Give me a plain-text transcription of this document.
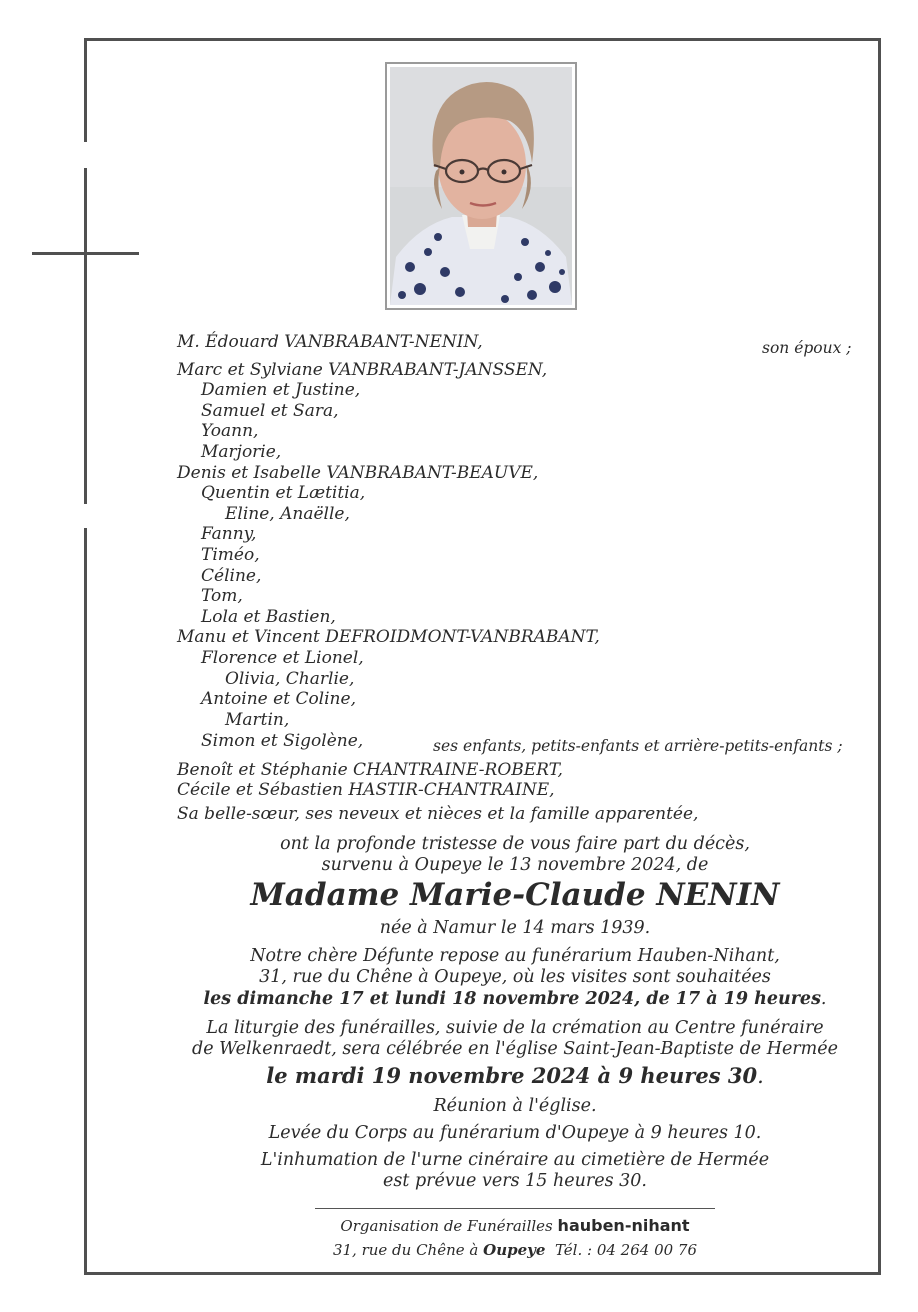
M. Édouard VANBRABANT-NENIN,	son époux ;
Marc et Sylviane VANBRABANT-JANSSEN,
Damien et Justine,
Samuel et Sara,
Yoann,
Marjorie,
Denis et Isabelle VANBRABANT-BEAUVE,
Quentin et Lætitia,
Eline, Anaëlle,
Fanny,
Timéo,
Céline,
Tom,
Lola et Bastien,
Manu et Vincent DEFROIDMONT-VANBRABANT,
Florence et Lionel,
Olivia, Charlie,
Antoine et Coline,
Martin,
Simon et Sigolène,	ses enfants, petits-enfants et arrière-petits-enfants ;
Benoît et Stéphanie CHANTRAINE-ROBERT,
Cécile et Sébastien HASTIR-CHANTRAINE,
Sa belle-sœur, ses neveux et nièces et la famille apparentée,
ont la profonde tristesse de vous faire part du décès,
survenu à Oupeye le 13 novembre 2024, de
Madame Marie-Claude NENIN
née à Namur le 14 mars 1939.
Notre chère Défunte repose au funérarium Hauben-Nihant,
31, rue du Chêne à Oupeye, où les visites sont souhaitées
les dimanche 17 et lundi 18 novembre 2024, de 17 à 19 heures.
La liturgie des funérailles, suivie de la crémation au Centre funéraire
de Welkenraedt, sera célébrée en l'église Saint-Jean-Baptiste de Hermée
le mardi 19 novembre 2024 à 9 heures 30.
Réunion à l'église.
Levée du Corps au funérarium d'Oupeye à 9 heures 10.
L'inhumation de l'urne cinéraire au cimetière de Hermée
est prévue vers 15 heures 30.
Organisation de Funérailles hauben-nihant
31, rue du Chêne à Oupeye Tél. : 04 264 00 76
